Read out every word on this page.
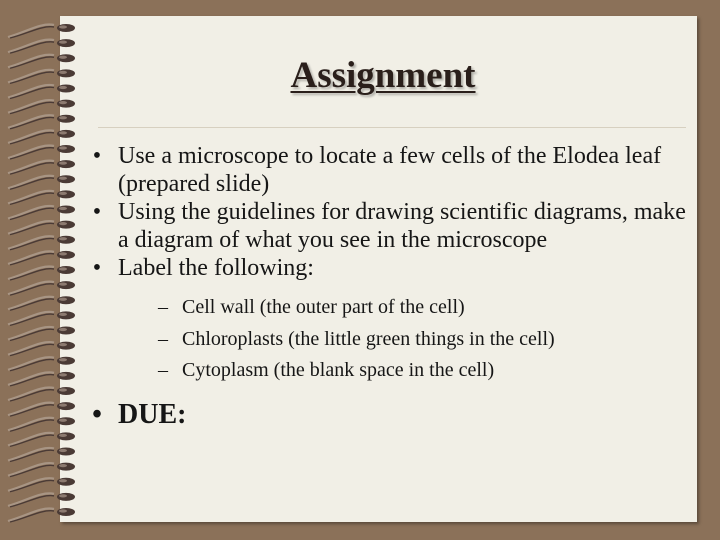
Assignment
• Use a microscope to locate a few cells of the Elodea leaf (prepared slide)
• Using the guidelines for drawing scientific diagrams, make a diagram of what you see in the microscope
• Label the following:
– Cell wall (the outer part of the cell)
– Chloroplasts (the little green things in the cell)
– Cytoplasm (the blank space in the cell)
• DUE:
